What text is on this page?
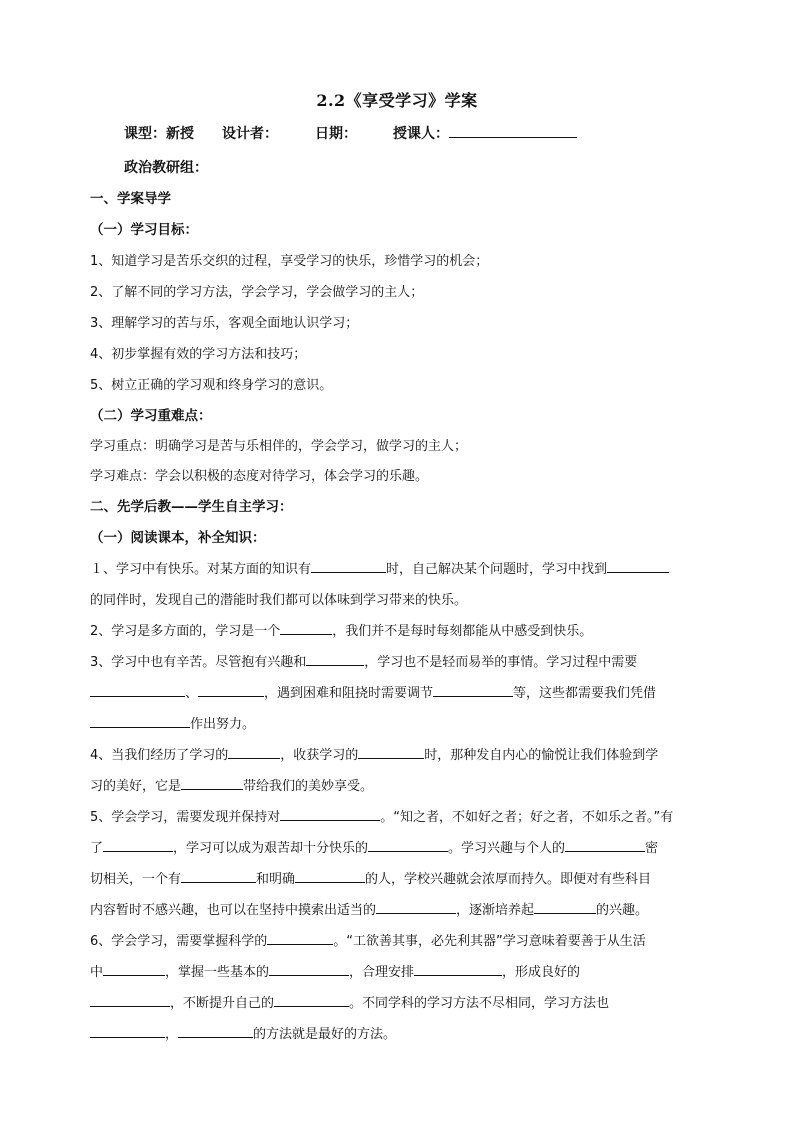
2.2《享受学习》学案
课型：新授 设计者：	日期：	授课人：
政治教研组：
一、学案导学
（一）学习目标：
1、知道学习是苦乐交织的过程，享受学习的快乐，珍惜学习的机会；
2、了解不同的学习方法，学会学习，学会做学习的主人；
3、理解学习的苦与乐，客观全面地认识学习；
4、初步掌握有效的学习方法和技巧；
5、树立正确的学习观和终身学习的意识。
（二）学习重难点：
学习重点：明确学习是苦与乐相伴的，学会学习，做学习的主人；
学习难点：学会以积极的态度对待学习，体会学习的乐趣。
二、先学后教——学生自主学习：
（一）阅读课本，补全知识：
１、学习中有快乐。对某方面的知识有	时，自己解决某个问题时，学习中找到
的同伴时，发现自己的潜能时我们都可以体味到学习带来的快乐。
2、学习是多方面的，学习是一个	，我们并不是每时每刻都能从中感受到快乐。
3、学习中也有辛苦。尽管抱有兴趣和	，学习也不是轻而易举的事情。学习过程中需要
、	，遇到困难和阻挠时需要调节	等，这些都需要我们凭借
作出努力。
4、当我们经历了学习的	，收获学习的	时，那种发自内心的愉悦让我们体验到学
习的美好，它是	带给我们的美妙享受。
5、学会学习，需要发现并保持对	。“知之者，不如好之者；好之者，不如乐之者。”有
了	，学习可以成为艰苦却十分快乐的	。学习兴趣与个人的	密
切相关，一个有	和明确	的人，学校兴趣就会浓厚而持久。即便对有些科目
内容暂时不感兴趣，也可以在坚持中摸索出适当的	，逐渐培养起	的兴趣。
6、学会学习，需要掌握科学的	。“工欲善其事，必先利其器”学习意味着要善于从生活
中	，掌握一些基本的	，合理安排	，形成良好的
，不断提升自己的	。不同学科的学习方法不尽相同，学习方法也
，	的方法就是最好的方法。
